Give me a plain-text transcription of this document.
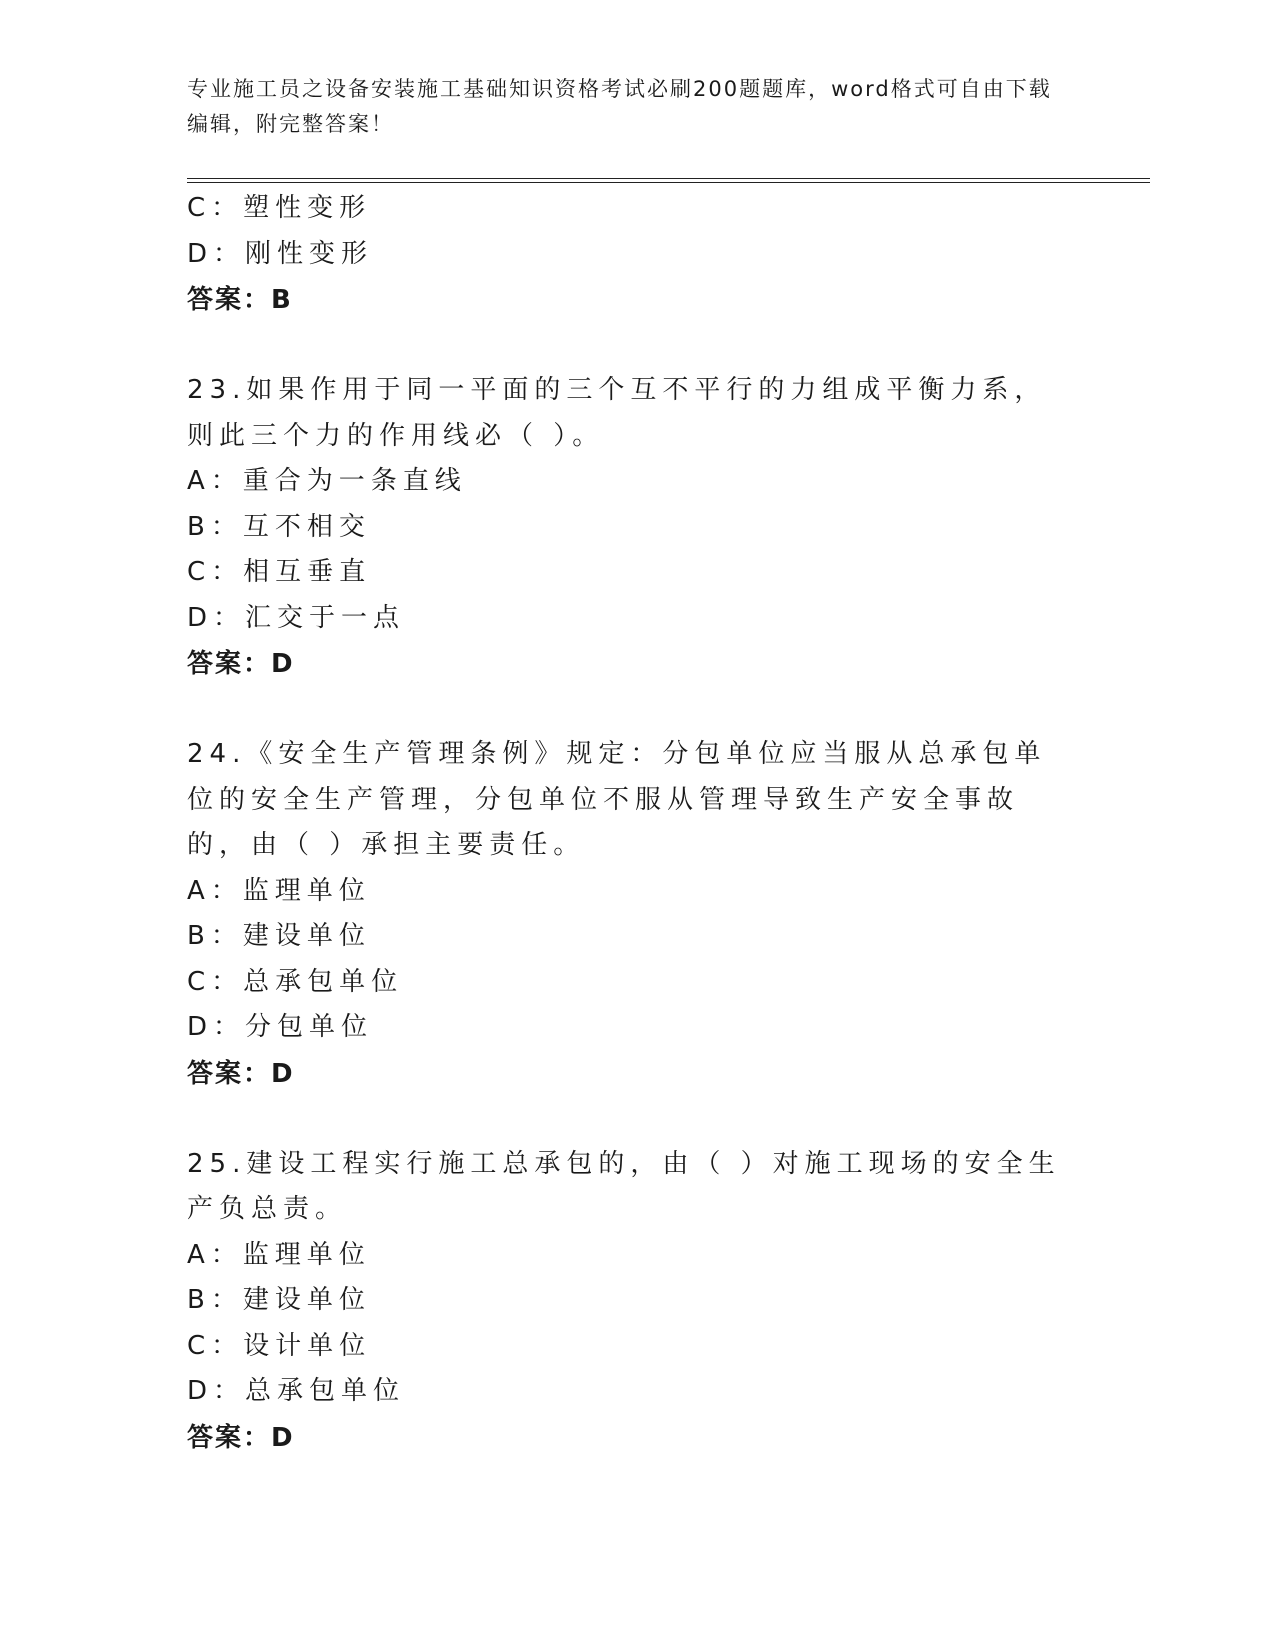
专业施工员之设备安装施工基础知识资格考试必刷200题题库，word格式可自由下载编辑，附完整答案！
C：塑性变形
D：刚性变形
答案：B
23.如果作用于同一平面的三个互不平行的力组成平衡力系，则此三个力的作用线必（ ）。
A：重合为一条直线
B：互不相交
C：相互垂直
D：汇交于一点
答案：D
24.《安全生产管理条例》规定：分包单位应当服从总承包单位的安全生产管理，分包单位不服从管理导致生产安全事故的，由（ ）承担主要责任。
A：监理单位
B：建设单位
C：总承包单位
D：分包单位
答案：D
25.建设工程实行施工总承包的，由（ ）对施工现场的安全生产负总责。
A：监理单位
B：建设单位
C：设计单位
D：总承包单位
答案：D
